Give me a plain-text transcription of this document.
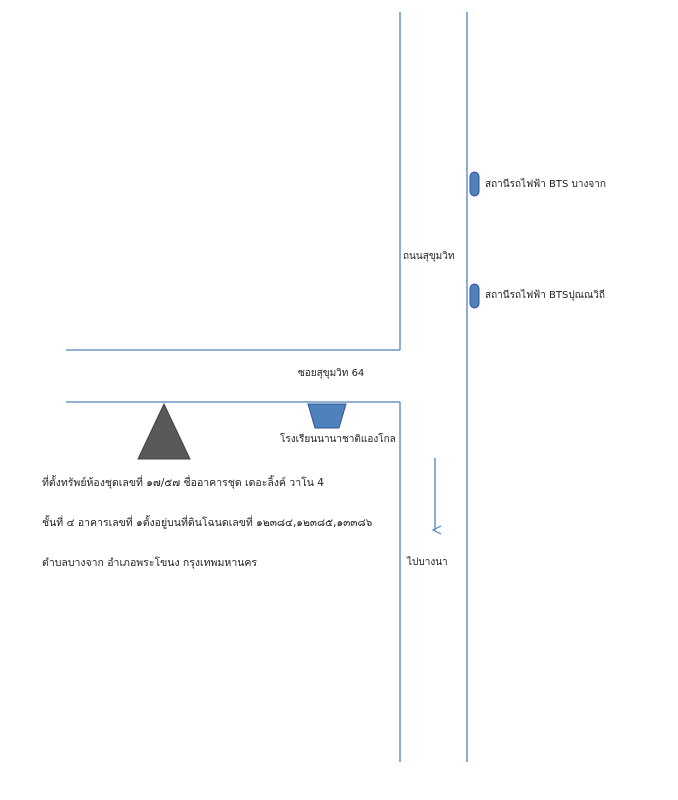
สถานีรถไฟฟ้า BTS บางจาก
สถานีรถไฟฟ้า BTSปุณณวิถี
ถนนสุขุมวิท
ซอยสุขุมวิท 64
โรงเรียนนานาชาติแองโกล
ที่ตั้งทรัพย์ห้องชุดเลขที่ ๑๗/๕๗ ชื่ออาคารชุด เดอะลิ้งค์ วาโน 4
ชั้นที่ ๔ อาคารเลขที่ ๑ตั้งอยู่บนที่ดินโฉนดเลขที่ ๑๒๓๘๔,๑๒๓๘๕,๑๓๓๘๖
ตำบลบางจาก อำเภอพระโขนง กรุงเทพมหานคร	ไปบางนา
